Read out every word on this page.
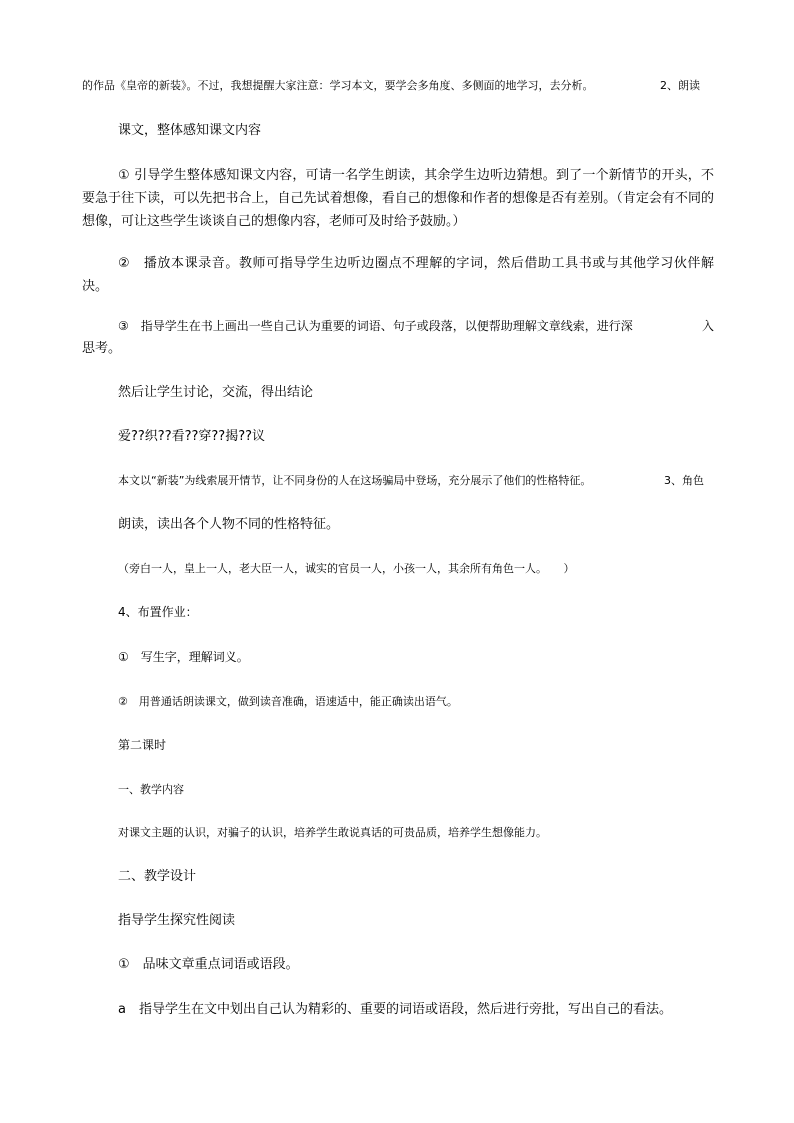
的作品《皇帝的新装》。不过，我想提醒大家注意：学习本文，要学会多角度、多侧面的地学习，去分析。	2、朗读
课文，整体感知课文内容
① 引导学生整体感知课文内容，可请一名学生朗读，其余学生边听边猜想。到了一个新情节的开头，不要急于往下读，可以先把书合上，自己先试着想像，看自己的想像和作者的想像是否有差别。（肯定会有不同的想像，可让这些学生谈谈自己的想像内容，老师可及时给予鼓励。）
②　播放本课录音。教师可指导学生边听边圈点不理解的字词，然后借助工具书或与其他学习伙伴解决。
③　指导学生在书上画出一些自己认为重要的词语、句子或段落，以便帮助理解文章线索，进行深	入
思考。
然后让学生讨论，交流，得出结论
爱??织??看??穿??揭??议
本文以“新装”为线索展开情节，让不同身份的人在这场骗局中登场，充分展示了他们的性格特征。	3、角色
朗读，读出各个人物不同的性格特征。
（旁白一人，皇上一人，老大臣一人，诚实的官员一人，小孩一人，其余所有角色一人。　　）
4、布置作业：
①　写生字，理解词义。
②　用普通话朗读课文，做到读音准确，语速适中，能正确读出语气。
第二课时
一、教学内容
对课文主题的认识，对骗子的认识，培养学生敢说真话的可贵品质，培养学生想像能力。
二、教学设计
指导学生探究性阅读
①　品味文章重点词语或语段。
a　指导学生在文中划出自己认为精彩的、重要的词语或语段，然后进行旁批，写出自己的看法。
